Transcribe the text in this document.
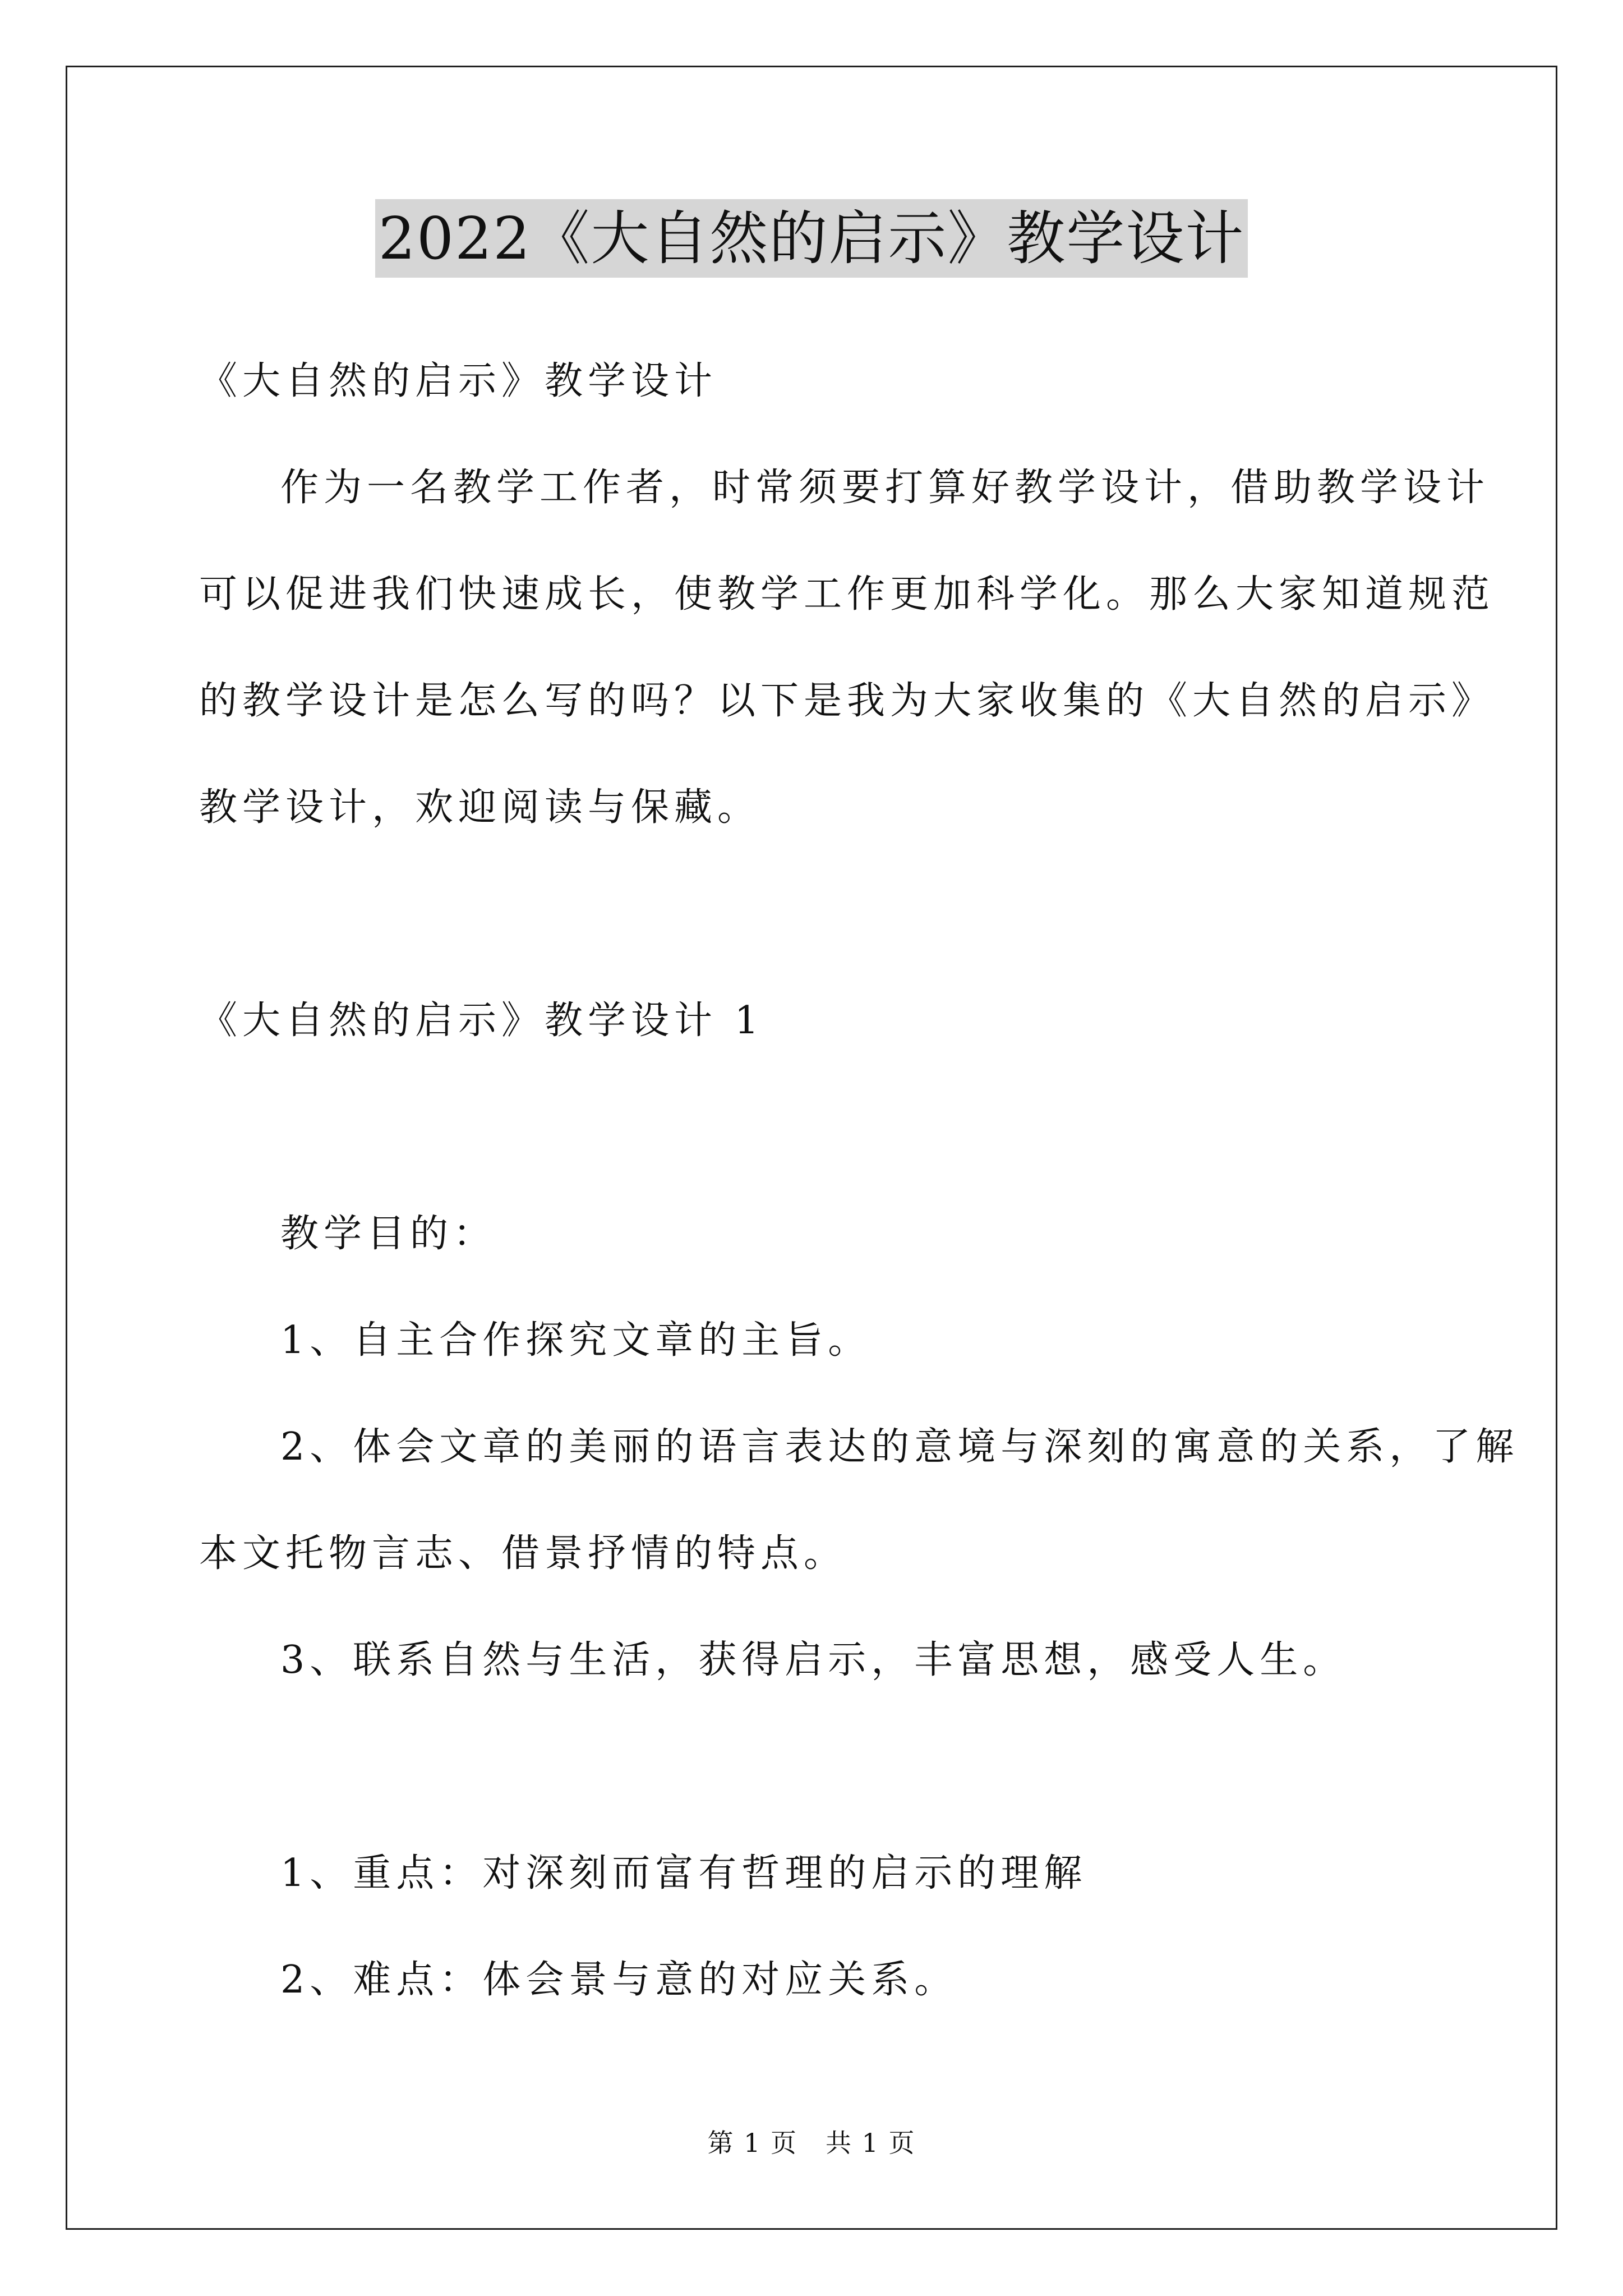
2022《大自然的启示》教学设计
《大自然的启示》教学设计
作为一名教学工作者，时常须要打算好教学设计，借助教学设计
可以促进我们快速成长，使教学工作更加科学化。那么大家知道规范
的教学设计是怎么写的吗？以下是我为大家收集的《大自然的启示》
教学设计，欢迎阅读与保藏。
《大自然的启示》教学设计 1
教学目的：
1、自主合作探究文章的主旨。
2、体会文章的美丽的语言表达的意境与深刻的寓意的关系，了解
本文托物言志、借景抒情的特点。
3、联系自然与生活，获得启示，丰富思想，感受人生。
1、重点：对深刻而富有哲理的启示的理解
2、难点：体会景与意的对应关系。
第 1 页 共 1 页
